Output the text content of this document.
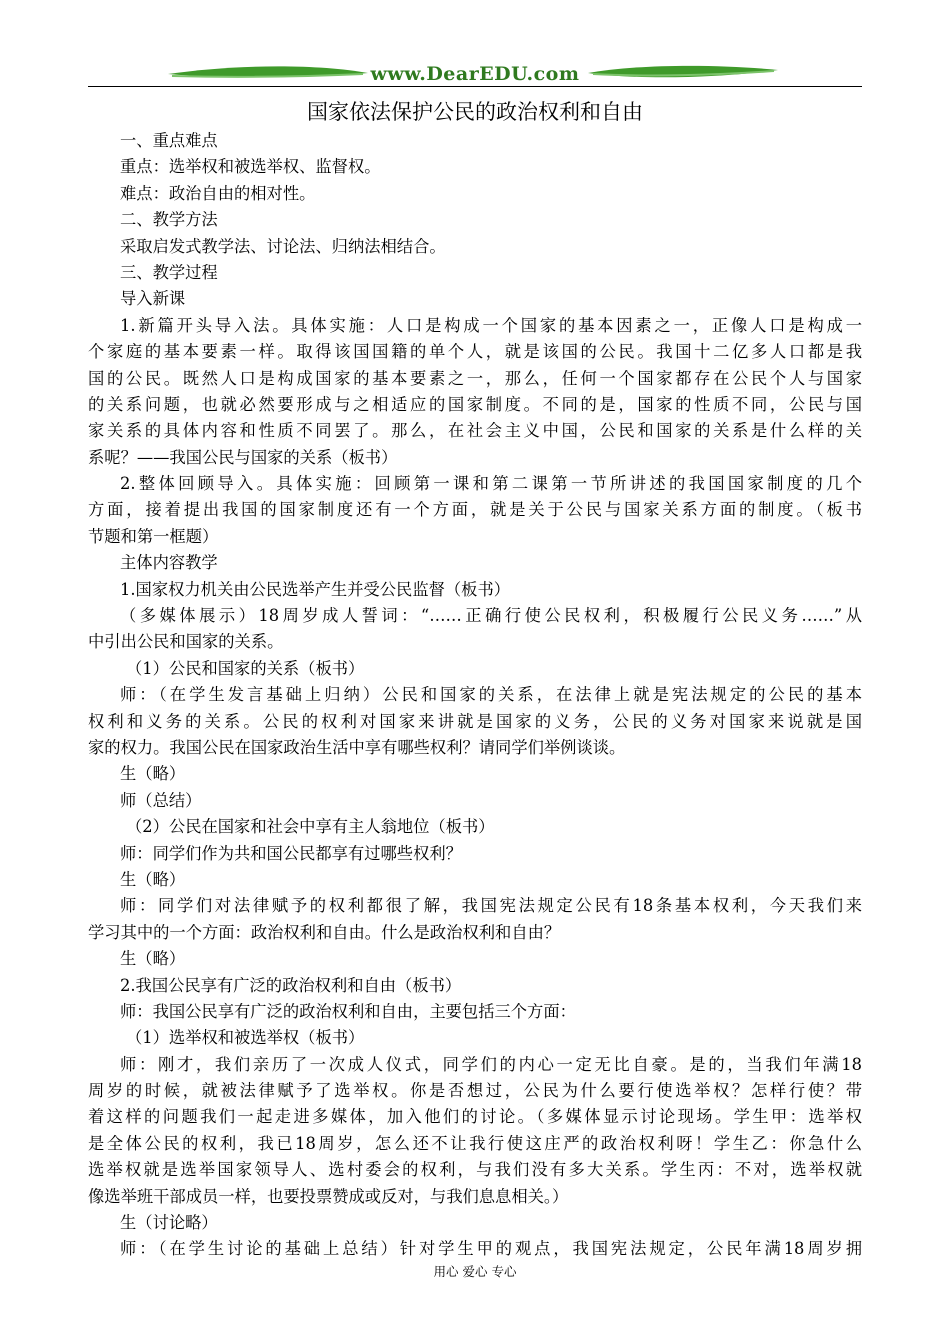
www.DearEDU.com
国家依法保护公民的政治权利和自由
一、重点难点
重点：选举权和被选举权、监督权。
难点：政治自由的相对性。
二、教学方法
采取启发式教学法、讨论法、归纳法相结合。
三、教学过程
导入新课
1.新篇开头导入法。具体实施：人口是构成一个国家的基本因素之一，正像人口是构成一
个家庭的基本要素一样。取得该国国籍的单个人，就是该国的公民。我国十二亿多人口都是我
国的公民。既然人口是构成国家的基本要素之一，那么，任何一个国家都存在公民个人与国家
的关系问题，也就必然要形成与之相适应的国家制度。不同的是，国家的性质不同，公民与国
家关系的具体内容和性质不同罢了。那么，在社会主义中国，公民和国家的关系是什么样的关
系呢？——我国公民与国家的关系（板书）
2.整体回顾导入。具体实施：回顾第一课和第二课第一节所讲述的我国国家制度的几个
方面，接着提出我国的国家制度还有一个方面，就是关于公民与国家关系方面的制度。（板书
节题和第一框题）
主体内容教学
1.国家权力机关由公民选举产生并受公民监督（板书）
（多媒体展示）18周岁成人誓词：“……正确行使公民权利，积极履行公民义务……”从
中引出公民和国家的关系。
（1）公民和国家的关系（板书）
师：（在学生发言基础上归纳）公民和国家的关系，在法律上就是宪法规定的公民的基本
权利和义务的关系。公民的权利对国家来讲就是国家的义务，公民的义务对国家来说就是国
家的权力。我国公民在国家政治生活中享有哪些权利？请同学们举例谈谈。
生（略）
师（总结）
（2）公民在国家和社会中享有主人翁地位（板书）
师：同学们作为共和国公民都享有过哪些权利？
生（略）
师：同学们对法律赋予的权利都很了解，我国宪法规定公民有18条基本权利，今天我们来
学习其中的一个方面：政治权利和自由。什么是政治权利和自由？
生（略）
2.我国公民享有广泛的政治权利和自由（板书）
师：我国公民享有广泛的政治权利和自由，主要包括三个方面：
（1）选举权和被选举权（板书）
师：刚才，我们亲历了一次成人仪式，同学们的内心一定无比自豪。是的，当我们年满18
周岁的时候，就被法律赋予了选举权。你是否想过，公民为什么要行使选举权？怎样行使？带
着这样的问题我们一起走进多媒体，加入他们的讨论。（多媒体显示讨论现场。学生甲：选举权
是全体公民的权利，我已18周岁，怎么还不让我行使这庄严的政治权利呀！学生乙：你急什么
选举权就是选举国家领导人、选村委会的权利，与我们没有多大关系。学生丙：不对，选举权就
像选举班干部成员一样，也要投票赞成或反对，与我们息息相关。）
生（讨论略）
师：（在学生讨论的基础上总结）针对学生甲的观点，我国宪法规定，公民年满18周岁拥
用心 爱心 专心
